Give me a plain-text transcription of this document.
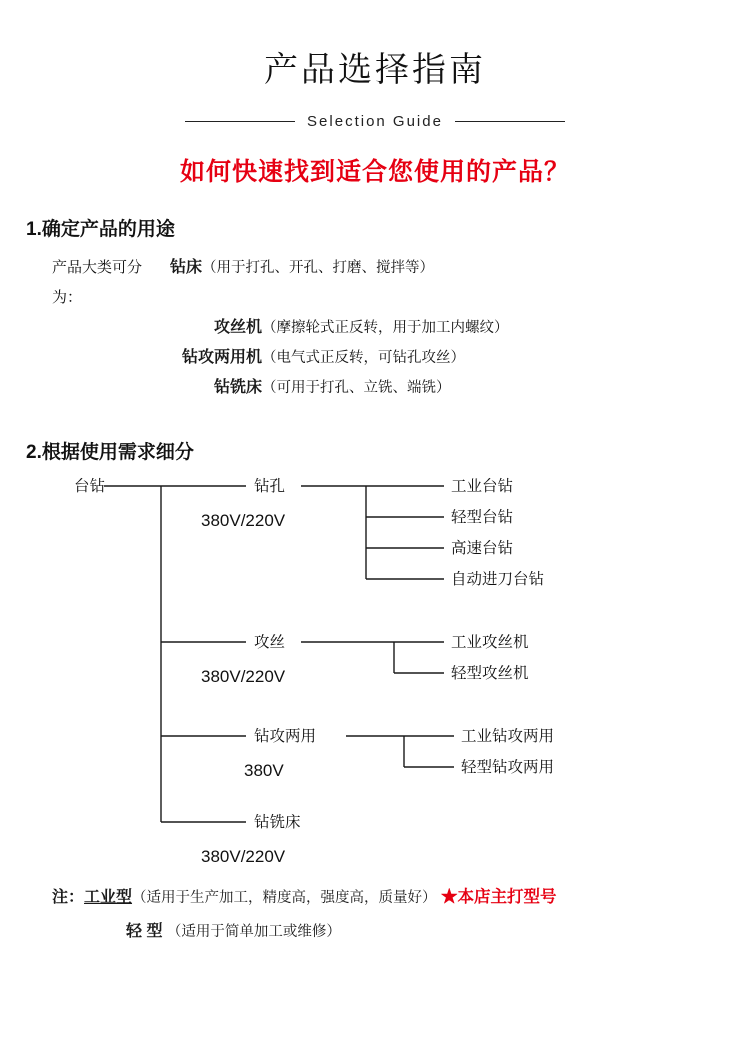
产品选择指南
Selection Guide
如何快速找到适合您使用的产品？
1.确定产品的用途
产品大类可分为：
钻床 （用于打孔、开孔、打磨、搅拌等）
攻丝机 （摩擦轮式正反转，用于加工内螺纹）
钻攻两用机 （电气式正反转，可钻孔攻丝）
钻铣床 （可用于打孔、立铣、端铣）
2.根据使用需求细分
台钻	钻孔
380V/220V
工业台钻
轻型台钻
高速台钻
自动进刀台钻
攻丝
380V/220V
工业攻丝机
轻型攻丝机
钻攻两用
380V
工业钻攻两用
轻型钻攻两用
钻铣床
380V/220V
注：工业型（适用于生产加工，精度高，强度高，质量好） ★本店主打型号
轻 型 （适用于简单加工或维修）
